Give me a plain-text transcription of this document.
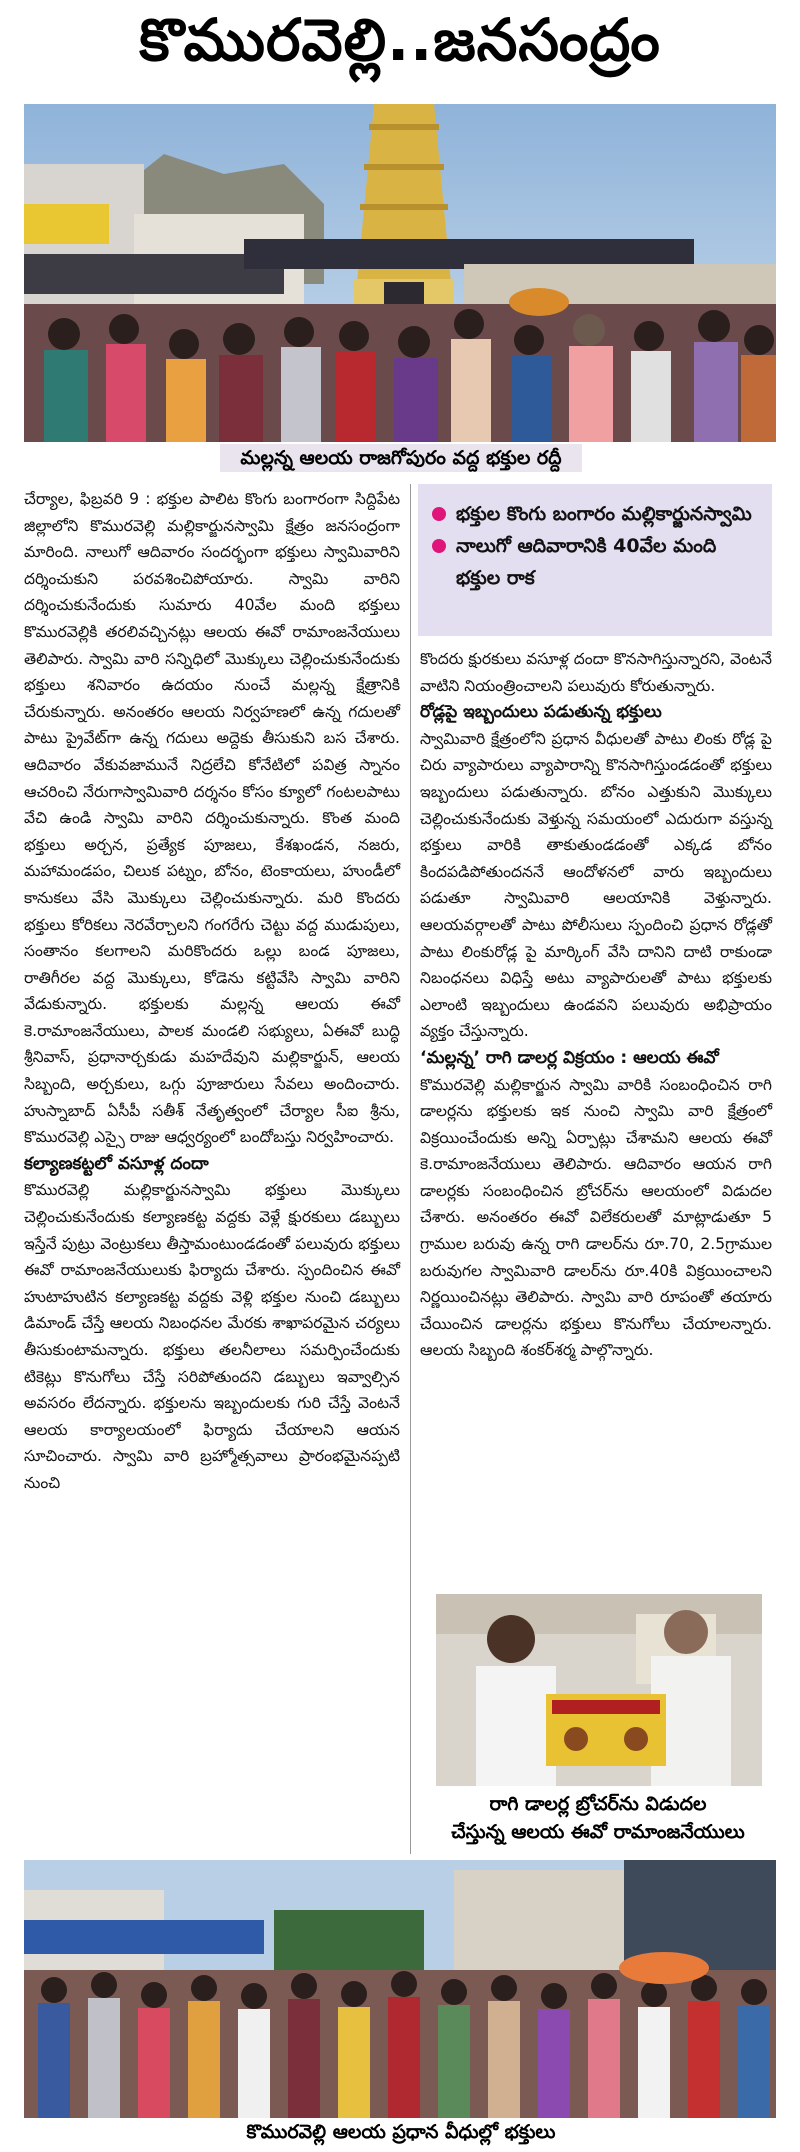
కొమురవెల్లి..జనసంద్రం
మల్లన్న ఆలయ రాజగోపురం వద్ద భక్తుల రద్దీ
భక్తుల కొంగు బంగారం మల్లికార్జునస్వామి
నాలుగో ఆదివారానికి 40వేల మంది భక్తుల రాక

చేర్యాల, ఫిబ్రవరి 9 : భక్తుల పాలిట కొంగు బంగారంగా సిద్దిపేట జిల్లాలోని కొమురవెల్లి మల్లికార్జునస్వామి క్షేత్రం జనసంద్రంగా మారింది. నాలుగో ఆదివారం సందర్భంగా భక్తులు స్వామివారిని దర్శించుకుని పరవశించిపోయారు. స్వామి వారిని దర్శించుకునేందుకు సుమారు 40వేల మంది భక్తులు కొమురవెల్లికి తరలివచ్చినట్లు ఆలయ ఈవో రామాంజనేయులు తెలిపారు. స్వామి వారి సన్నిధిలో మొక్కులు చెల్లించుకునేందుకు భక్తులు శనివారం ఉదయం నుంచే మల్లన్న క్షేత్రానికి చేరుకున్నారు. అనంతరం ఆలయ నిర్వహణలో ఉన్న గదులతో పాటు ప్రైవేట్‌గా ఉన్న గదులు అద్దెకు తీసుకుని బస చేశారు. ఆదివారం వేకువజామునే నిద్రలేచి కోనేటిలో పవిత్ర స్నానం ఆచరించి నేరుగాస్వామివారి దర్శనం కోసం క్యూలో గంటలపాటు వేచి ఉండి స్వామి వారిని దర్శించుకున్నారు. కొంత మంది భక్తులు అర్చన, ప్రత్యేక పూజలు, కేశఖండన, నజరు, మహామండపం, చిలుక పట్నం, బోనం, టెంకాయలు, హుండీలో కానుకలు వేసి మొక్కులు చెల్లించుకున్నారు. మరి కొందరు భక్తులు కోరికలు నెరవేర్చాలని గంగరేగు చెట్టు వద్ద ముడుపులు, సంతానం కలగాలని మరికొందరు ఒల్లు బండ పూజలు, రాతిగీరల వద్ద మొక్కులు, కోడెను కట్టివేసి స్వామి వారిని వేడుకున్నారు. భక్తులకు మల్లన్న ఆలయ ఈవో కె.రామాంజనేయులు, పాలక మండలి సభ్యులు, ఏఈవో బుద్ధి శ్రీనివాస్, ప్రధానార్చకుడు మహదేవుని మల్లికార్జున్, ఆలయ సిబ్బంది, అర్చకులు, ఒగ్గు పూజారులు సేవలు అందించారు. హుస్నాబాద్ ఏసీపీ సతీశ్ నేతృత్వంలో చేర్యాల సీఐ శ్రీను, కొమురవెల్లి ఎస్సై రాజు ఆధ్వర్యంలో బందోబస్తు నిర్వహించారు.

కల్యాణకట్టలో వసూళ్ల దందా

కొమురవెల్లి మల్లికార్జునస్వామి భక్తులు మొక్కులు చెల్లించుకునేందుకు కల్యాణకట్ట వద్దకు వెళ్లే క్షురకులు డబ్బులు ఇస్తేనే పుట్రు వెంట్రుకలు తీస్తామంటుండడంతో పలువురు భక్తులు ఈవో రామాంజనేయులుకు ఫిర్యాదు చేశారు. స్పందించిన ఈవో హుటాహుటిన కల్యాణకట్ట వద్దకు వెళ్లి భక్తుల నుంచి డబ్బులు డిమాండ్ చేస్తే ఆలయ నిబంధనల మేరకు శాఖాపరమైన చర్యలు తీసుకుంటామన్నారు. భక్తులు తలనీలాలు సమర్పించేందుకు టికెట్లు కొనుగోలు చేస్తే సరిపోతుందని డబ్బులు ఇవ్వాల్సిన అవసరం లేదన్నారు. భక్తులను ఇబ్బందులకు గురి చేస్తే వెంటనే ఆలయ కార్యాలయంలో ఫిర్యాదు చేయాలని ఆయన సూచించారు. స్వామి వారి బ్రహ్మోత్సవాలు ప్రారంభమైనప్పటి నుంచి

కొందరు క్షురకులు వసూళ్ల దందా కొనసాగిస్తున్నారని, వెంటనే వాటిని నియంత్రించాలని పలువురు కోరుతున్నారు.

రోడ్లపై ఇబ్బందులు పడుతున్న భక్తులు

స్వామివారి క్షేత్రంలోని ప్రధాన వీధులతో పాటు లింకు రోడ్ల పై చిరు వ్యాపారులు వ్యాపారాన్ని కొనసాగిస్తుండడంతో భక్తులు ఇబ్బందులు పడుతున్నారు. బోనం ఎత్తుకుని మొక్కులు చెల్లించుకునేందుకు వెళ్తున్న సమయంలో ఎదురుగా వస్తున్న భక్తులు వారికి తాకుతుండడంతో ఎక్కడ బోనం కిందపడిపోతుందననే ఆందోళనలో వారు ఇబ్బందులు పడుతూ స్వామివారి ఆలయానికి వెళ్తున్నారు. ఆలయవర్గాలతో పాటు పోలీసులు స్పందించి ప్రధాన రోడ్లతో పాటు లింకురోడ్ల పై మార్కింగ్ వేసి దానిని దాటి రాకుండా నిబంధనలు విధిస్తే అటు వ్యాపారులతో పాటు భక్తులకు ఎలాంటి ఇబ్బందులు ఉండవని పలువురు అభిప్రాయం వ్యక్తం చేస్తున్నారు.

‘మల్లన్న’ రాగి డాలర్ల విక్రయం : ఆలయ ఈవో

కొమురవెల్లి మల్లికార్జున స్వామి వారికి సంబంధించిన రాగి డాలర్లను భక్తులకు ఇక నుంచి స్వామి వారి క్షేత్రంలో విక్రయించేందుకు అన్ని ఏర్పాట్లు చేశామని ఆలయ ఈవో కె.రామాంజనేయులు తెలిపారు. ఆదివారం ఆయన రాగి డాలర్లకు సంబంధించిన బ్రోచర్‌ను ఆలయంలో విడుదల చేశారు. అనంతరం ఈవో విలేకరులతో మాట్లాడుతూ 5 గ్రాముల బరువు ఉన్న రాగి డాలర్‌ను రూ.70, 2.5గ్రాముల బరువుగల స్వామివారి డాలర్‌ను రూ.40కి విక్రయించాలని నిర్ణయించినట్లు తెలిపారు. స్వామి వారి రూపంతో తయారు చేయించిన డాలర్లను భక్తులు కొనుగోలు చేయాలన్నారు. ఆలయ సిబ్బంది శంకర్‌శర్మ పాల్గొన్నారు.

రాగి డాలర్ల బ్రోచర్‌ను విడుదల
చేస్తున్న ఆలయ ఈవో రామాంజనేయులు
కొమురవెల్లి ఆలయ ప్రధాన వీధుల్లో భక్తులు
